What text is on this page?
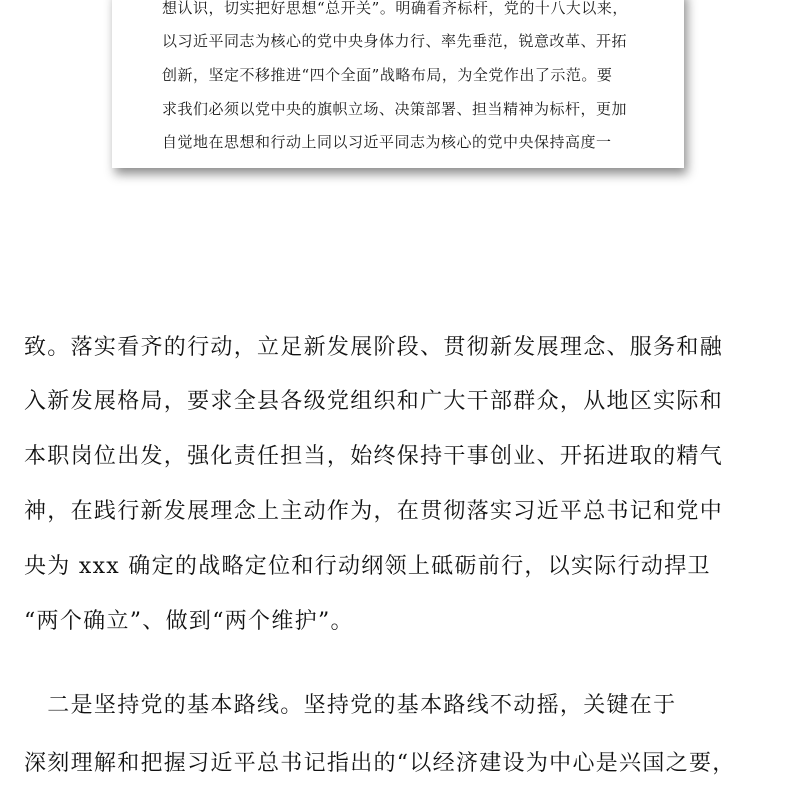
想认识，切实把好思想“总开关”。明确看齐标杆，党的十八大以来，
以习近平同志为核心的党中央身体力行、率先垂范，锐意改革、开拓
创新，坚定不移推进“四个全面”战略布局，为全党作出了示范。要
求我们必须以党中央的旗帜立场、决策部署、担当精神为标杆，更加
自觉地在思想和行动上同以习近平同志为核心的党中央保持高度一
致。落实看齐的行动，立足新发展阶段、贯彻新发展理念、服务和融
入新发展格局，要求全县各级党组织和广大干部群众，从地区实际和
本职岗位出发，强化责任担当，始终保持干事创业、开拓进取的精气
神，在践行新发展理念上主动作为，在贯彻落实习近平总书记和党中
央为 xxx 确定的战略定位和行动纲领上砥砺前行，以实际行动捍卫
“两个确立”、做到“两个维护”。
　二是坚持党的基本路线。坚持党的基本路线不动摇，关键在于
深刻理解和把握习近平总书记指出的“以经济建设为中心是兴国之要，
